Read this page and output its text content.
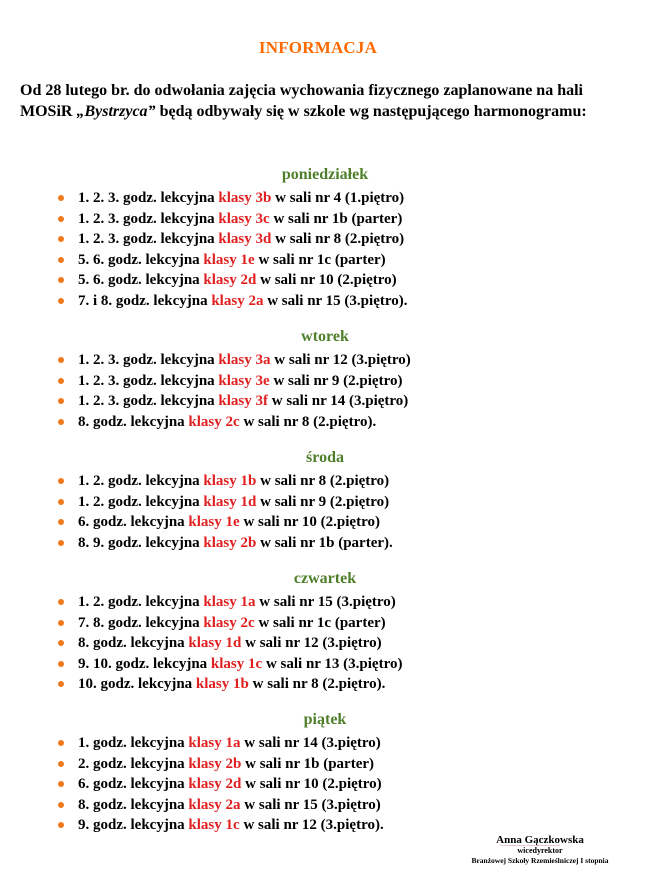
INFORMACJA
Od 28 lutego br. do odwołania zajęcia wychowania fizycznego zaplanowane na hali MOSiR „Bystrzyca” będą odbywały się w szkole wg następującego harmonogramu:
poniedziałek
1. 2. 3. godz. lekcyjna klasy 3b w sali nr 4 (1.piętro)
1. 2. 3. godz. lekcyjna klasy 3c w sali nr 1b (parter)
1. 2. 3. godz. lekcyjna klasy 3d w sali nr 8 (2.piętro)
5. 6. godz. lekcyjna klasy 1e w sali nr 1c (parter)
5. 6. godz. lekcyjna klasy 2d w sali nr 10 (2.piętro)
7. i 8. godz. lekcyjna klasy 2a w sali nr 15 (3.piętro).
wtorek
1. 2. 3. godz. lekcyjna klasy 3a w sali nr 12 (3.piętro)
1. 2. 3. godz. lekcyjna klasy 3e w sali nr 9 (2.piętro)
1. 2. 3. godz. lekcyjna klasy 3f w sali nr 14 (3.piętro)
8. godz. lekcyjna klasy 2c w sali nr 8 (2.piętro).
środa
1. 2. godz. lekcyjna klasy 1b w sali nr 8 (2.piętro)
1. 2. godz. lekcyjna klasy 1d w sali nr 9 (2.piętro)
6. godz. lekcyjna klasy 1e w sali nr 10 (2.piętro)
8. 9. godz. lekcyjna klasy 2b w sali nr 1b (parter).
czwartek
1. 2. godz. lekcyjna klasy 1a w sali nr 15 (3.piętro)
7. 8. godz. lekcyjna klasy 2c w sali nr 1c (parter)
8. godz. lekcyjna klasy 1d w sali nr 12 (3.piętro)
9. 10. godz. lekcyjna klasy 1c w sali nr 13 (3.piętro)
10. godz. lekcyjna klasy 1b w sali nr 8 (2.piętro).
piątek
1. godz. lekcyjna klasy 1a w sali nr 14 (3.piętro)
2. godz. lekcyjna klasy 2b w sali nr 1b (parter)
6. godz. lekcyjna klasy 2d w sali nr 10 (2.piętro)
8. godz. lekcyjna klasy 2a w sali nr 15 (3.piętro)
9. godz. lekcyjna klasy 1c w sali nr 12 (3.piętro).
Anna Gączkowska
wicedyrektor
Branżowej Szkoły Rzemieślniczej I stopnia
